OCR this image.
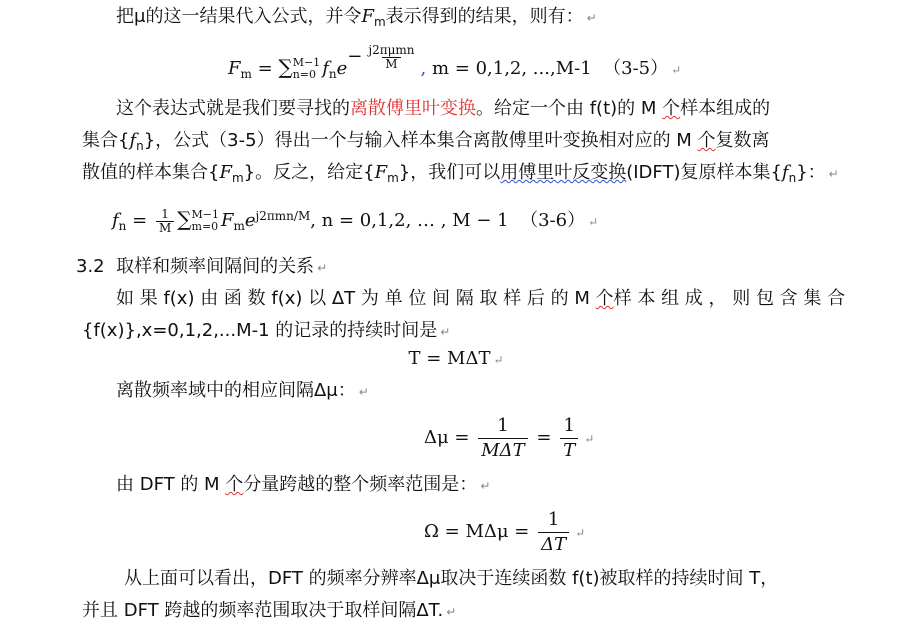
把μ的这一结果代入公式，并令$F_m$表示得到的结果，则有： ↵
$F_m = \sum M-1$
n=0 $f_ne- \frac{\text{j2πμmn}}{M}$ , m = 0,1,2, ...,M-1 （3-5） ↵
这个表达式就是我们要寻找的离散傅里叶变换。给定一个由 f(t)的 M 个样本组成的
集合$\{f_n\}$，公式（3-5）得出一个与输入样本集合离散傅里叶变换相对应的 M 个复数离
散值的样本集合$\{F_m\}$。反之，给定$\{F_m\}$，我们可以用傅里叶反变换(IDFT)复原样本集$\{f_n\}$： ↵
$f_n = \frac{1}{M} \sum M-1$
m=0 $F_me^{j2\pi mn/M}$, n = 0,1,2, … , M − 1 （3-6） ↵
3.2 取样和频率间隔间的关系 ↵
如 果 f(x) 由 函 数 f(x) 以 ΔT 为 单 位 间 隔 取 样 后 的 M 个样 本 组 成 ， 则 包 含 集 合
{f(x)},x=0,1,2,...M-1 的记录的持续时间是 ↵
T = MΔT ↵
离散频率域中的相应间隔Δμ： ↵
$\Delta\mu = \frac{1}{\text{MΔT}} = \frac{1}{T}$ ↵
由 DFT 的 M 个分量跨越的整个频率范围是： ↵
$\Omega = M\Delta\mu = \frac{1}{\Delta T}$ ↵
从上面可以看出，DFT 的频率分辨率Δμ取决于连续函数 f(t)被取样的持续时间 T，
并且 DFT 跨越的频率范围取决于取样间隔ΔT. ↵
